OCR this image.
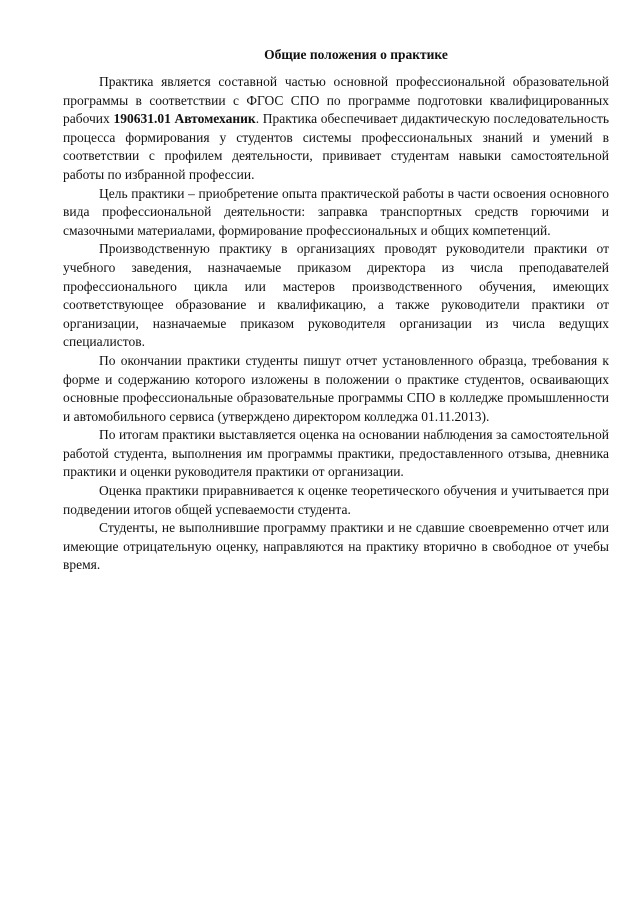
Общие положения о практике

Практика является составной частью основной профессиональной образовательной программы в соответствии с ФГОС СПО по программе подготовки квалифицированных рабочих 190631.01 Автомеханик. Практика обеспечивает дидактическую последовательность процесса формирования у студентов системы профессиональных знаний и умений в соответствии с профилем деятельности, прививает студентам навыки самостоятельной работы по избранной профессии.

Цель практики – приобретение опыта практической работы в части освоения основного вида профессиональной деятельности: заправка транспортных средств горючими и смазочными материалами, формирование профессиональных и общих компетенций.

Производственную практику в организациях проводят руководители практики от учебного заведения, назначаемые приказом директора из числа преподавателей профессионального цикла или мастеров производственного обучения, имеющих соответствующее образование и квалификацию, а также руководители практики от организации, назначаемые приказом руководителя организации из числа ведущих специалистов.

По окончании практики студенты пишут отчет установленного образца, требования к форме и содержанию которого изложены в положении о практике студентов, осваивающих основные профессиональные образовательные программы СПО в колледже промышленности и автомобильного сервиса (утверждено директором колледжа 01.11.2013).

По итогам практики выставляется оценка на основании наблюдения за самостоятельной работой студента, выполнения им программы практики, предоставленного отзыва, дневника практики и оценки руководителя практики от организации.

Оценка практики приравнивается к оценке теоретического обучения и учитывается при подведении итогов общей успеваемости студента.

Студенты, не выполнившие программу практики и не сдавшие своевременно отчет или имеющие отрицательную оценку, направляются на практику вторично в свободное от учебы время.
